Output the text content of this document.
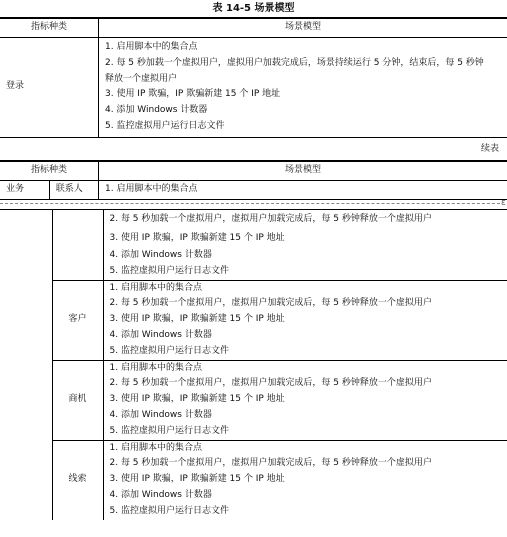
表 14-5 场景模型
指标种类	场景模型
登录	1. 启用脚本中的集合点
2. 每 5 秒加载一个虚拟用户，虚拟用户加载完成后，场景持续运行 5 分钟，结束后，每 5 秒钟释放一个虚拟用户
3. 使用 IP 欺骗，IP 欺骗新建 15 个 IP 地址
4. 添加 Windows 计数器
5. 监控虚拟用户运行日志文件
续表
指标种类		场景模型
业务	联系人	1. 启用脚本中的集合点
ε

		2. 每 5 秒加载一个虚拟用户，虚拟用户加载完成后，每 5 秒钟释放一个虚拟用户
3. 使用 IP 欺骗，IP 欺骗新建 15 个 IP 地址
4. 添加 Windows 计数器
5. 监控虚拟用户运行日志文件

	客户	1. 启用脚本中的集合点
2. 每 5 秒加载一个虚拟用户，虚拟用户加载完成后，每 5 秒钟释放一个虚拟用户
3. 使用 IP 欺骗，IP 欺骗新建 15 个 IP 地址
4. 添加 Windows 计数器
5. 监控虚拟用户运行日志文件

	商机	1. 启用脚本中的集合点
2. 每 5 秒加载一个虚拟用户，虚拟用户加载完成后，每 5 秒钟释放一个虚拟用户
3. 使用 IP 欺骗，IP 欺骗新建 15 个 IP 地址
4. 添加 Windows 计数器
5. 监控虚拟用户运行日志文件

	线索	1. 启用脚本中的集合点
2. 每 5 秒加载一个虚拟用户，虚拟用户加载完成后，每 5 秒钟释放一个虚拟用户
3. 使用 IP 欺骗，IP 欺骗新建 15 个 IP 地址
4. 添加 Windows 计数器
5. 监控虚拟用户运行日志文件
